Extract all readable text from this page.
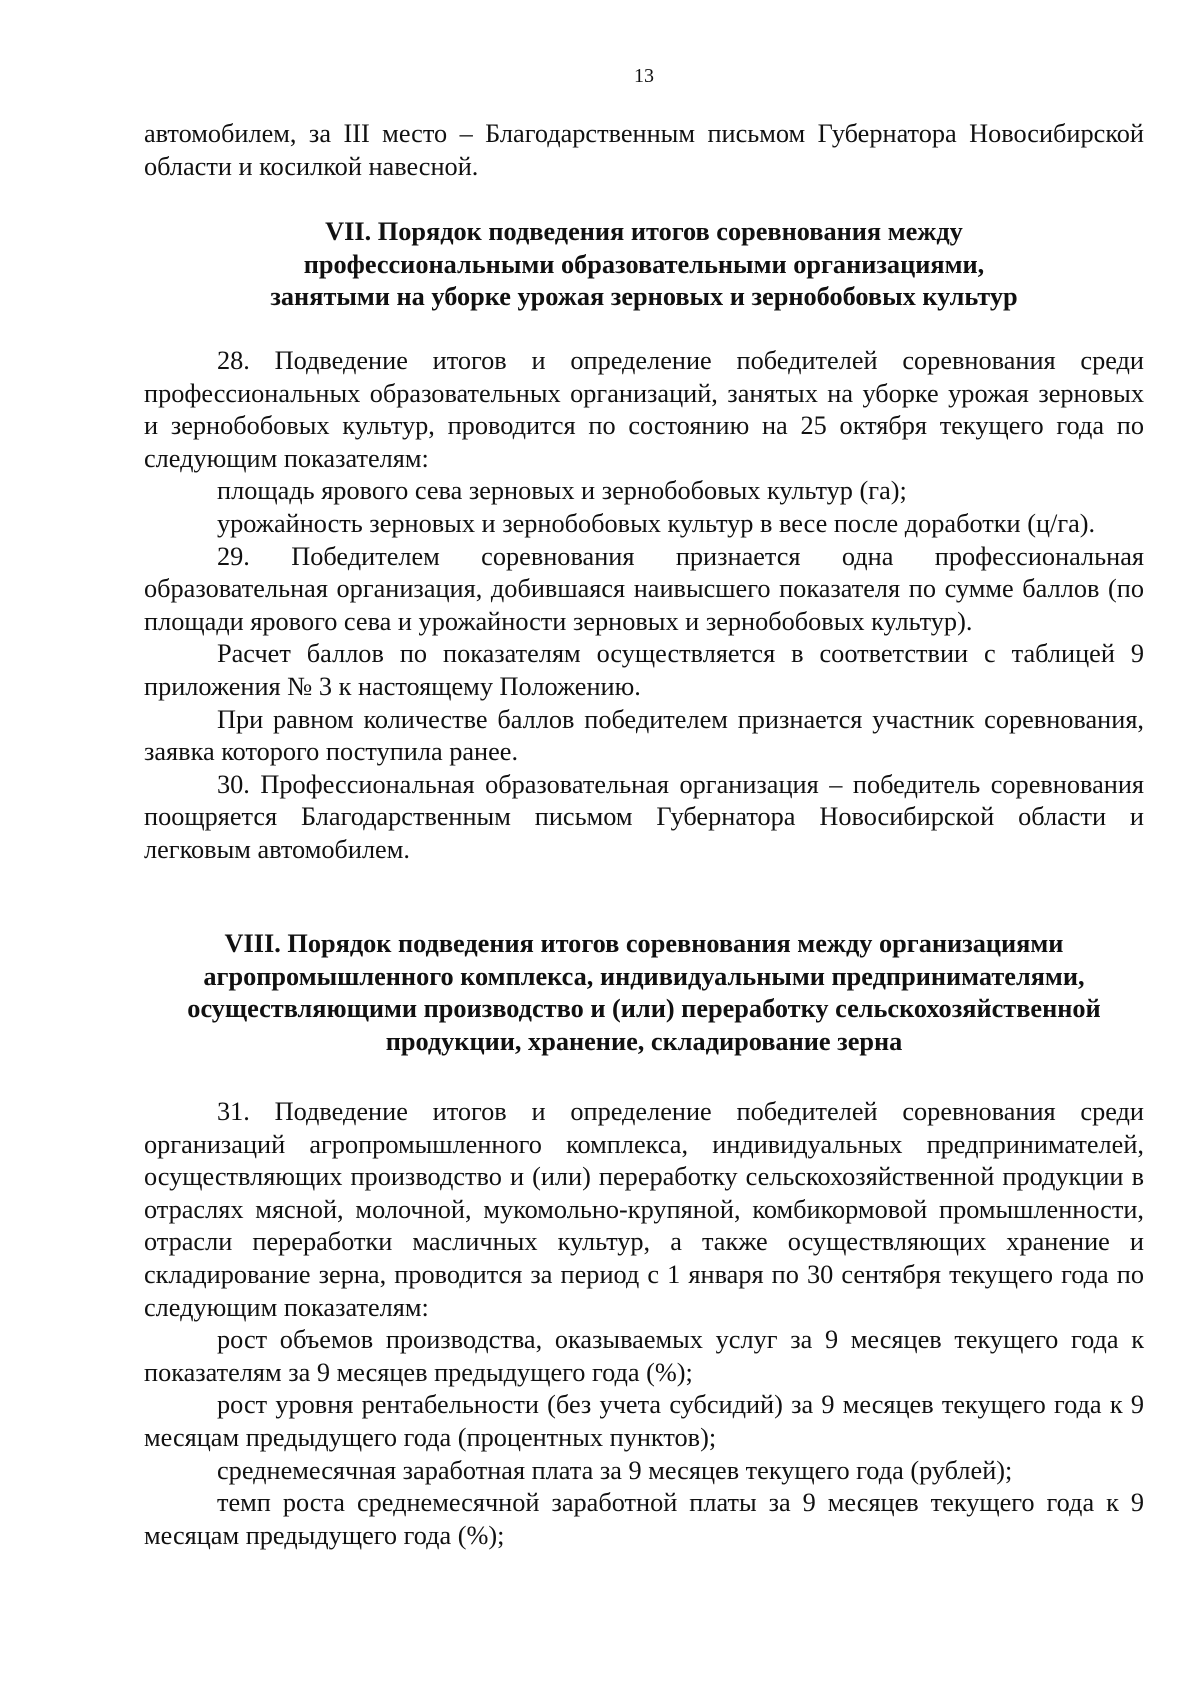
13

автомобилем, за III место – Благодарственным письмом Губернатора Новосибирской области и косилкой навесной.

VII. Порядок подведения итогов соревнования между

профессиональными образовательными организациями,

занятыми на уборке урожая зерновых и зернобобовых культур

28. Подведение итогов и определение победителей соревнования среди профессиональных образовательных организаций, занятых на уборке урожая зерновых и зернобобовых культур, проводится по состоянию на 25 октября текущего года по следующим показателям:

площадь ярового сева зерновых и зернобобовых культур (га);

урожайность зерновых и зернобобовых культур в весе после доработки (ц/га).

29. Победителем соревнования признается одна профессиональная образовательная организация, добившаяся наивысшего показателя по сумме баллов (по площади ярового сева и урожайности зерновых и зернобобовых культур).

Расчет баллов по показателям осуществляется в соответствии с таблицей 9 приложения № 3 к настоящему Положению.

При равном количестве баллов победителем признается участник соревнования, заявка которого поступила ранее.

30. Профессиональная образовательная организация – победитель соревнования поощряется Благодарственным письмом Губернатора Новосибирской области и легковым автомобилем.

VIII. Порядок подведения итогов соревнования между организациями

агропромышленного комплекса, индивидуальными предпринимателями,

осуществляющими производство и (или) переработку сельскохозяйственной

продукции, хранение, складирование зерна

31. Подведение итогов и определение победителей соревнования среди организаций агропромышленного комплекса, индивидуальных предпринимателей, осуществляющих производство и (или) переработку сельскохозяйственной продукции в отраслях мясной, молочной, мукомольно-крупяной, комбикормовой промышленности, отрасли переработки масличных культур, а также осуществляющих хранение и складирование зерна, проводится за период с 1 января по 30 сентября текущего года по следующим показателям:

рост объемов производства, оказываемых услуг за 9 месяцев текущего года к показателям за 9 месяцев предыдущего года (%);

рост уровня рентабельности (без учета субсидий) за 9 месяцев текущего года к 9 месяцам предыдущего года (процентных пунктов);

среднемесячная заработная плата за 9 месяцев текущего года (рублей);

темп роста среднемесячной заработной платы за 9 месяцев текущего года к 9 месяцам предыдущего года (%);
